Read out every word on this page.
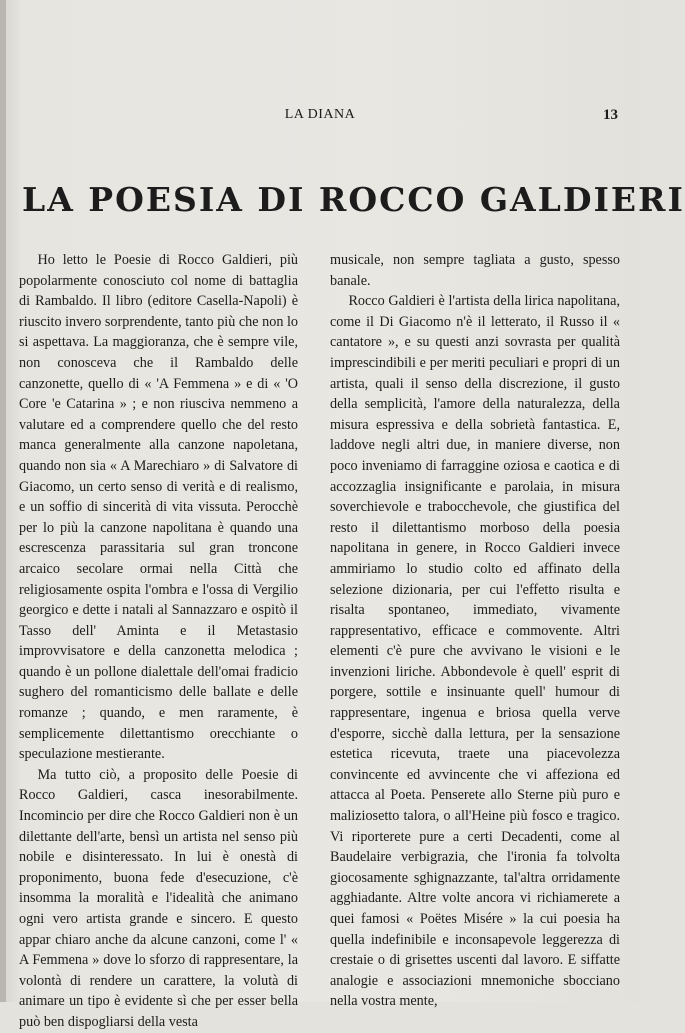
LA DIANA	13
LA POESIA DI ROCCO GALDIERI

Ho letto le Poesie di Rocco Galdieri, più popolarmente conosciuto col nome di battaglia di Rambaldo. Il libro (editore Casella-Napoli) è riuscito invero sorprendente, tanto più che non lo si aspettava. La maggioranza, che è sempre vile, non conosceva che il Rambaldo delle canzonette, quello di « 'A Femmena » e di « 'O Core 'e Catarina » ; e non riusciva nemmeno a valutare ed a comprendere quello che del resto manca generalmente alla canzone napoletana, quando non sia « A Marechiaro » di Salvatore di Giacomo, un certo senso di verità e di realismo, e un soffio di sincerità di vita vissuta. Perocchè per lo più la canzone napolitana è quando una escrescenza parassitaria sul gran troncone arcaico secolare ormai nella Città che religiosamente ospita l'ombra e l'ossa di Vergilio georgico e dette i natali al Sannazzaro e ospitò il Tasso dell' Aminta e il Metastasio improvvisatore e della canzonetta melodica ; quando è un pollone dialettale dell'omai fradicio sughero del romanticismo delle ballate e delle romanze ; quando, e men raramente, è semplicemente dilettantismo orecchiante o speculazione mestierante.

Ma tutto ciò, a proposito delle Poesie di Rocco Galdieri, casca inesorabilmente. Incomincio per dire che Rocco Galdieri non è un dilettante dell'arte, bensì un artista nel senso più nobile e disinteressato. In lui è onestà di proponimento, buona fede d'esecuzione, c'è insomma la moralità e l'idealità che animano ogni vero artista grande e sincero. E questo appar chiaro anche da alcune canzoni, come l' « A Femmena » dove lo sforzo di rappresentare, la volontà di rendere un carattere, la volutà di animare un tipo è evidente sì che per esser bella può ben dispogliarsi della vesta

musicale, non sempre tagliata a gusto, spesso banale.

Rocco Galdieri è l'artista della lirica napolitana, come il Di Giacomo n'è il letterato, il Russo il « cantatore », e su questi anzi sovrasta per qualità imprescindibili e per meriti peculiari e propri di un artista, quali il senso della discrezione, il gusto della semplicità, l'amore della naturalezza, della misura espressiva e della sobrietà fantastica. E, laddove negli altri due, in maniere diverse, non poco inveniamo di farraggine oziosa e caotica e di accozzaglia insignificante e parolaia, in misura soverchievole e trabocchevole, che giustifica del resto il dilettantismo morboso della poesia napolitana in genere, in Rocco Galdieri invece ammiriamo lo studio colto ed affinato della selezione dizionaria, per cui l'effetto risulta e risalta spontaneo, immediato, vivamente rappresentativo, efficace e commovente. Altri elementi c'è pure che avvivano le visioni e le invenzioni liriche. Abbondevole è quell' esprit di porgere, sottile e insinuante quell' humour di rappresentare, ingenua e briosa quella verve d'esporre, sicchè dalla lettura, per la sensazione estetica ricevuta, traete una piacevolezza convincente ed avvincente che vi affeziona ed attacca al Poeta. Penserete allo Sterne più puro e maliziosetto talora, o all'Heine più fosco e tragico. Vi riporterete pure a certi Decadenti, come al Baudelaire verbigrazia, che l'ironia fa tolvolta giocosamente sghignazzante, tal'altra orridamente agghiadante. Altre volte ancora vi richiamerete a quei famosi « Poëtes Misére » la cui poesia ha quella indefinibile e inconsapevole leggerezza di crestaie o di grisettes uscenti dal lavoro. E siffatte analogie e associazioni mnemoniche sbocciano nella vostra mente,
